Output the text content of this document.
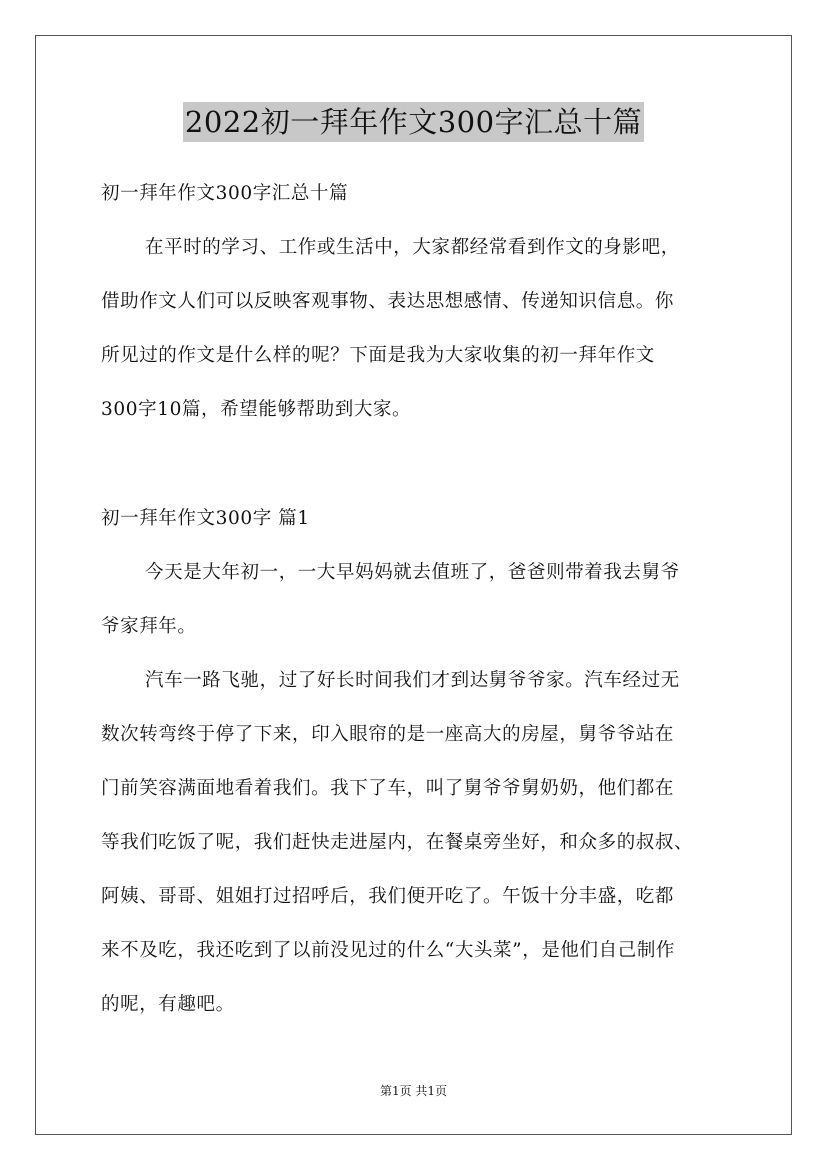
2022初一拜年作文300字汇总十篇
初一拜年作文300字汇总十篇
在平时的学习、工作或生活中，大家都经常看到作文的身影吧，
借助作文人们可以反映客观事物、表达思想感情、传递知识信息。你
所见过的作文是什么样的呢？下面是我为大家收集的初一拜年作文
300字10篇，希望能够帮助到大家。
初一拜年作文300字 篇1
今天是大年初一，一大早妈妈就去值班了，爸爸则带着我去舅爷
爷家拜年。
汽车一路飞驰，过了好长时间我们才到达舅爷爷家。汽车经过无
数次转弯终于停了下来，印入眼帘的是一座高大的房屋，舅爷爷站在
门前笑容满面地看着我们。我下了车，叫了舅爷爷舅奶奶，他们都在
等我们吃饭了呢，我们赶快走进屋内，在餐桌旁坐好，和众多的叔叔、
阿姨、哥哥、姐姐打过招呼后，我们便开吃了。午饭十分丰盛，吃都
来不及吃，我还吃到了以前没见过的什么“大头菜”，是他们自己制作
的呢，有趣吧。
第1页 共1页
